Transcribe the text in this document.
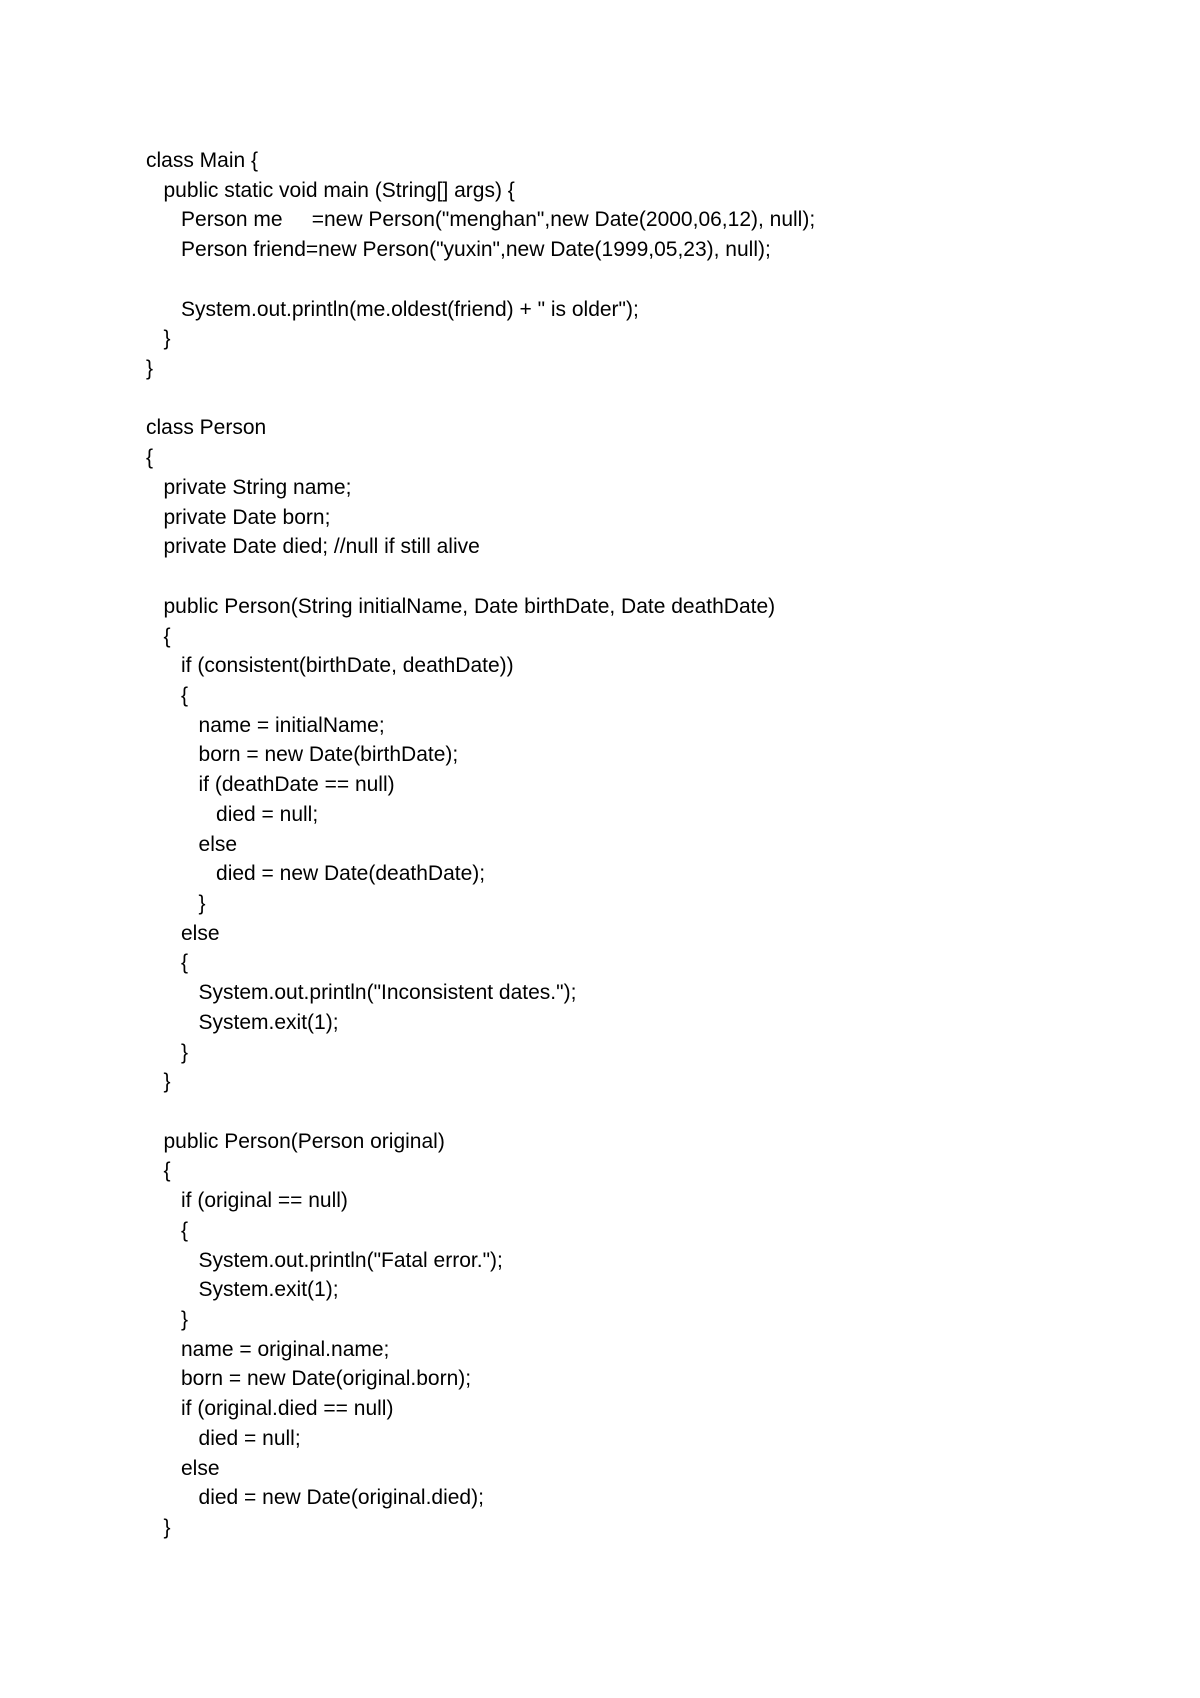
class Main {
public static void main (String[] args) {
Person me     =new Person("menghan",new Date(2000,06,12), null);
Person friend=new Person("yuxin",new Date(1999,05,23), null);
System.out.println(me.oldest(friend) + " is older");
}
}
class Person
{
private String name;
private Date born;
private Date died; //null if still alive
public Person(String initialName, Date birthDate, Date deathDate)
{
if (consistent(birthDate, deathDate))
{
name = initialName;
born = new Date(birthDate);
if (deathDate == null)
died = null;
else
died = new Date(deathDate);
}
else
{
System.out.println("Inconsistent dates.");
System.exit(1);
}
}
public Person(Person original)
{
if (original == null)
{
System.out.println("Fatal error.");
System.exit(1);
}
name = original.name;
born = new Date(original.born);
if (original.died == null)
died = null;
else
died = new Date(original.died);
}
